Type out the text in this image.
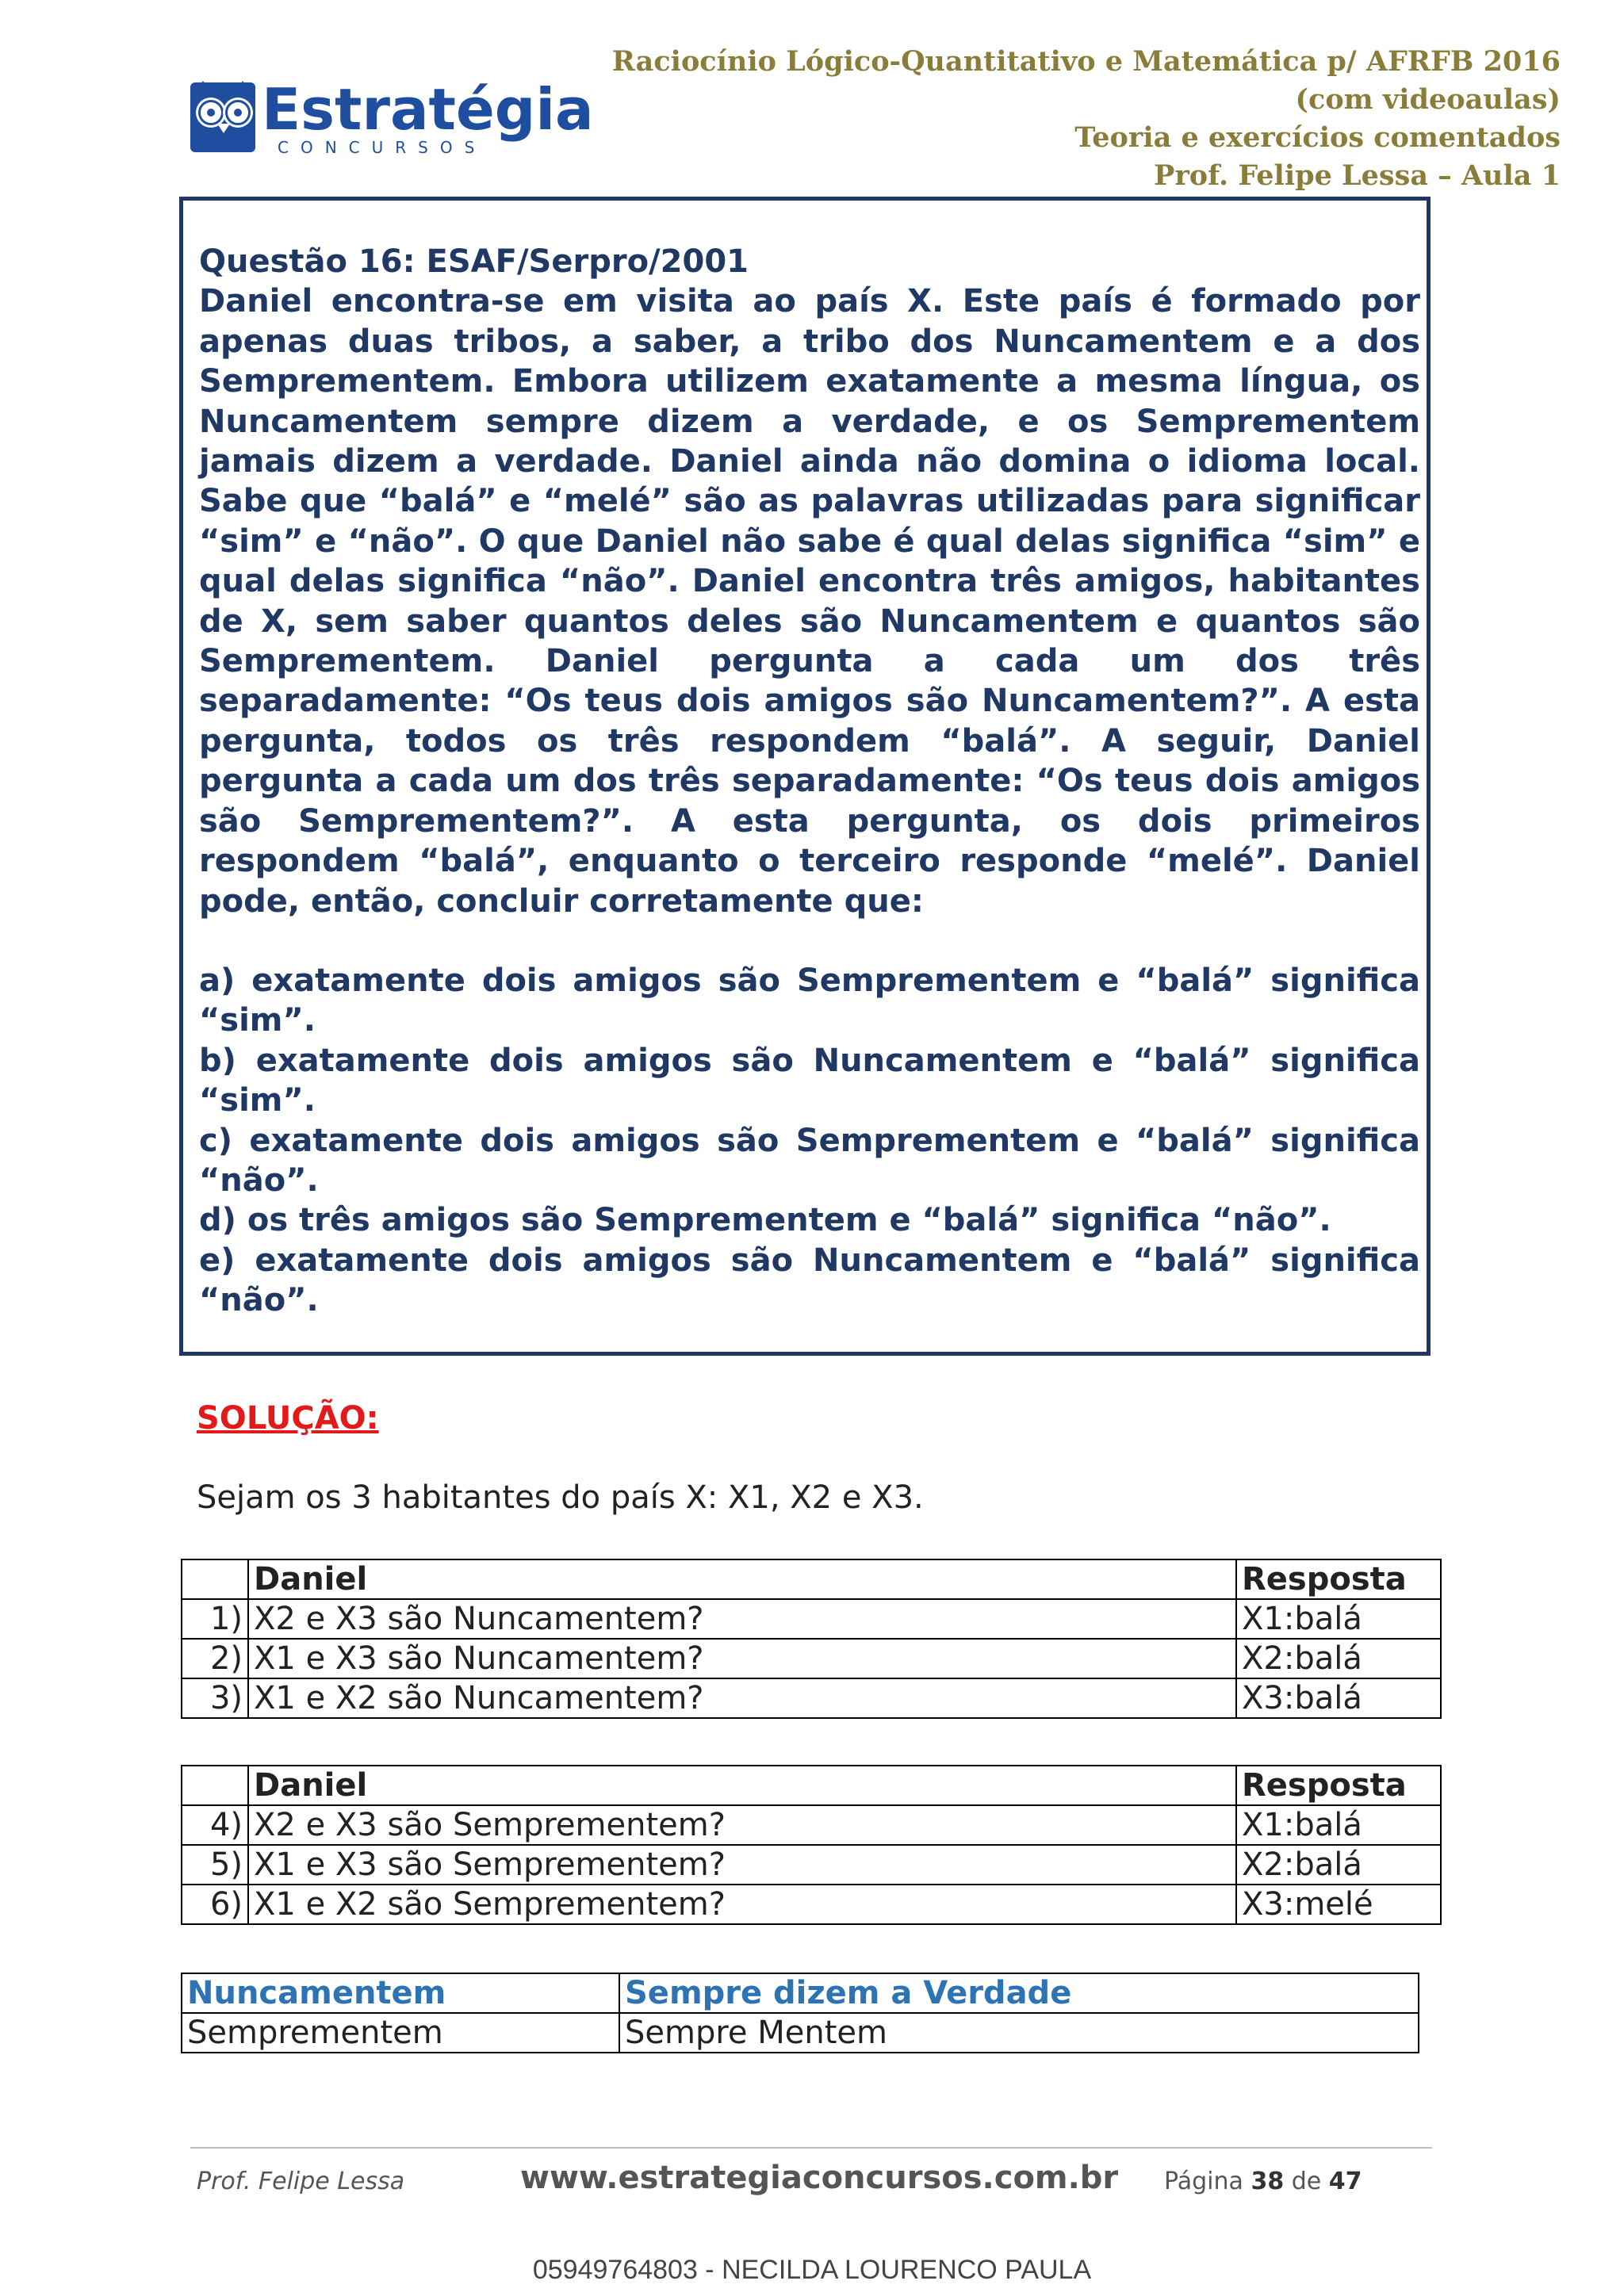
Estratégia
CONCURSOS
Raciocínio Lógico-Quantitativo e Matemática p/ AFRFB 2016
(com videoaulas)
Teoria e exercícios comentados
Prof. Felipe Lessa – Aula 1

Questão 16: ESAF/Serpro/2001

Daniel encontra-se em visita ao país X. Este país é formado por apenas duas tribos, a saber, a tribo dos Nuncamentem e a dos Semprementem. Embora utilizem exatamente a mesma língua, os Nuncamentem sempre dizem a verdade, e os Semprementem jamais dizem a verdade. Daniel ainda não domina o idioma local. Sabe que “balá” e “melé” são as palavras utilizadas para significar “sim” e “não”. O que Daniel não sabe é qual delas significa “sim” e qual delas significa “não”. Daniel encontra três amigos, habitantes de X, sem saber quantos deles são Nuncamentem e quantos são Semprementem. Daniel pergunta a cada um dos três separadamente: “Os teus dois amigos são Nuncamentem?”. A esta pergunta, todos os três respondem “balá”. A seguir, Daniel pergunta a cada um dos três separadamente: “Os teus dois amigos são Semprementem?”. A esta pergunta, os dois primeiros respondem “balá”, enquanto o terceiro responde “melé”. Daniel pode, então, concluir corretamente que:

a) exatamente dois amigos são Semprementem e “balá” significa “sim”.

b) exatamente dois amigos são Nuncamentem e “balá” significa “sim”.

c) exatamente dois amigos são Semprementem e “balá” significa “não”.

d) os três amigos são Semprementem e “balá” significa “não”.

e) exatamente dois amigos são Nuncamentem e “balá” significa “não”.

SOLUÇÃO:
Sejam os 3 habitantes do país X: X1, X2 e X3.
	Daniel	Resposta
1)	X2 e X3 são Nuncamentem?	X1:balá
2)	X1 e X3 são Nuncamentem?	X2:balá
3)	X1 e X2 são Nuncamentem?	X3:balá
	Daniel	Resposta
4)	X2 e X3 são Semprementem?	X1:balá
5)	X1 e X3 são Semprementem?	X2:balá
6)	X1 e X2 são Semprementem?	X3:melé
Nuncamentem	Sempre dizem a Verdade
Semprementem	Sempre Mentem
Prof. Felipe Lessa	www.estrategiaconcursos.com.br Página 38 de 47
05949764803 - NECILDA LOURENCO PAULA
